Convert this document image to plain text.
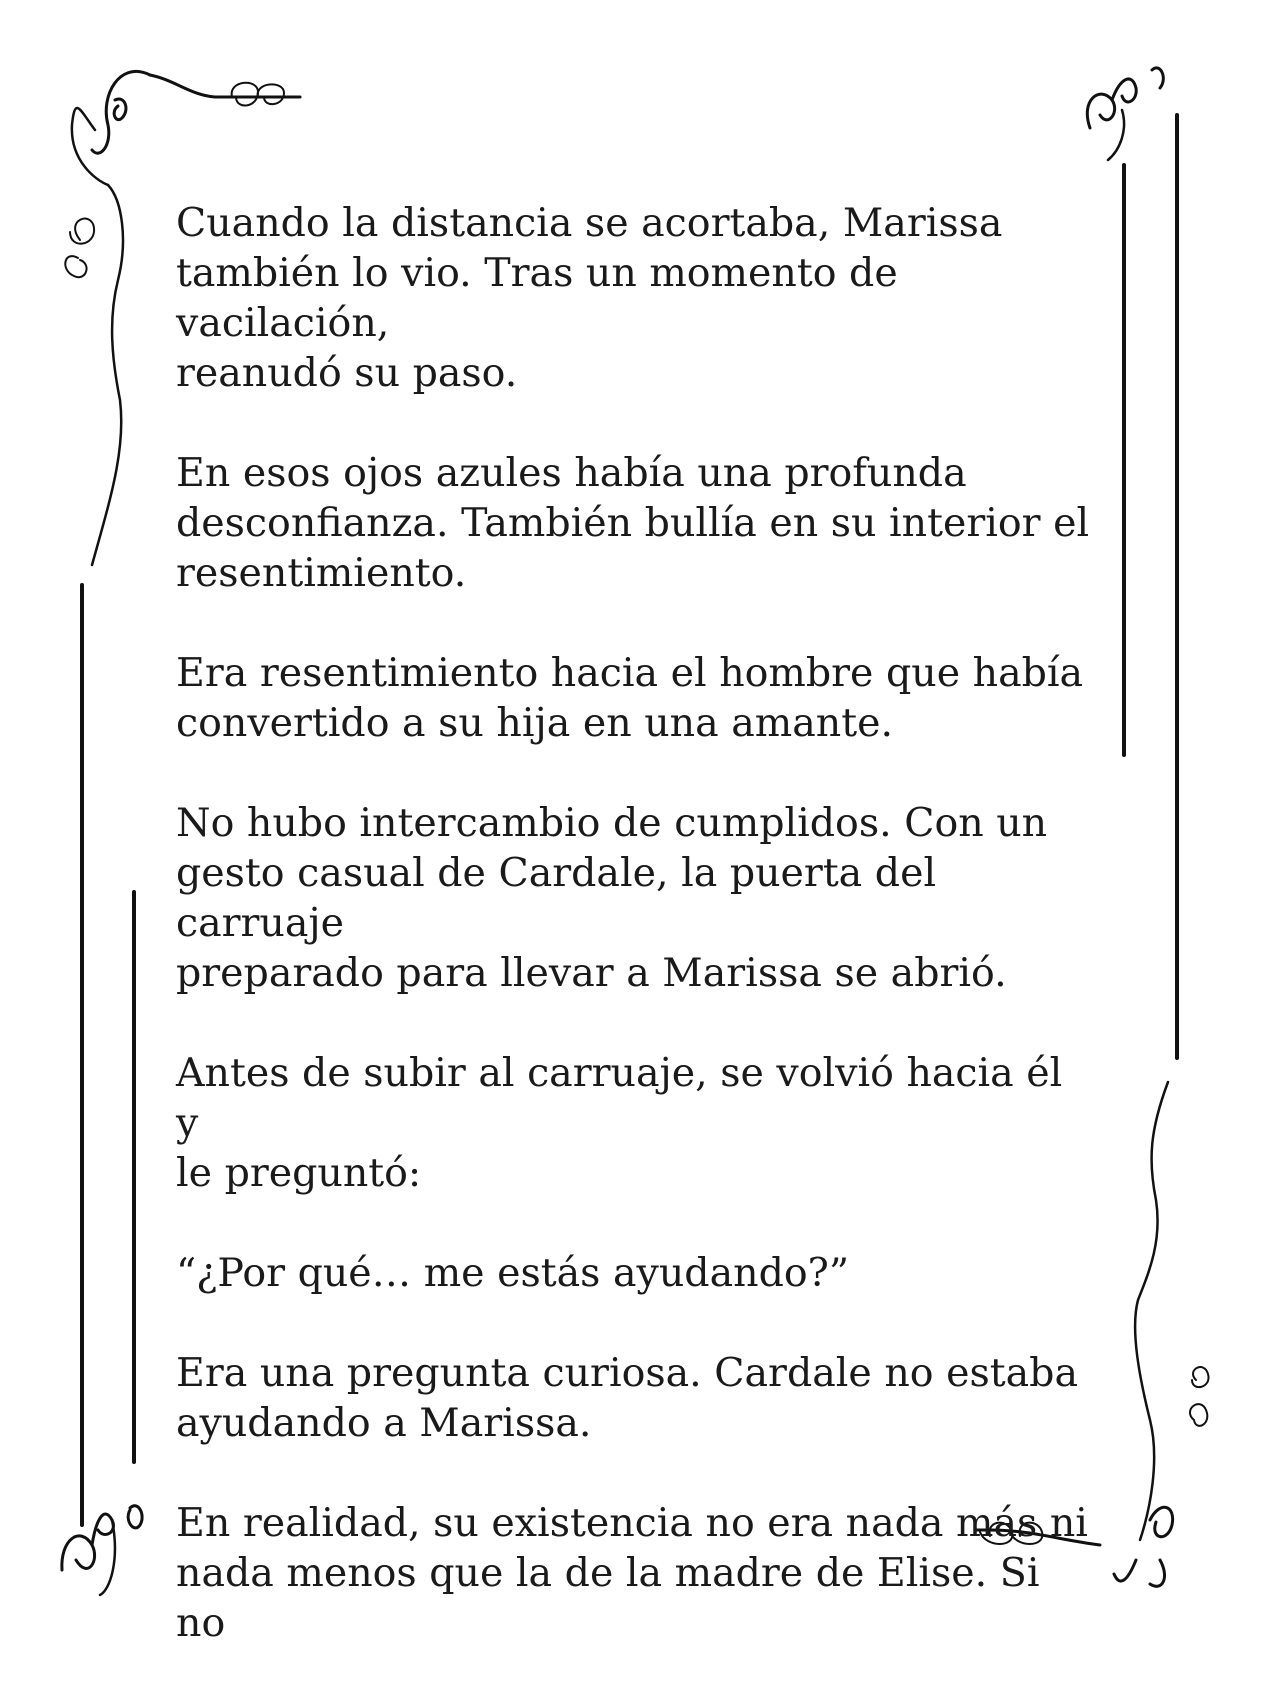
Cuando la distancia se acortaba, Marissa
también lo vio. Tras un momento de vacilación,
reanudó su paso.

En esos ojos azules había una profunda
desconfianza. También bullía en su interior el
resentimiento.

Era resentimiento hacia el hombre que había
convertido a su hija en una amante.

No hubo intercambio de cumplidos. Con un
gesto casual de Cardale, la puerta del carruaje
preparado para llevar a Marissa se abrió.

Antes de subir al carruaje, se volvió hacia él y
le preguntó:

“¿Por qué… me estás ayudando?”

Era una pregunta curiosa. Cardale no estaba
ayudando a Marissa.

En realidad, su existencia no era nada más ni
nada menos que la de la madre de Elise. Si no
